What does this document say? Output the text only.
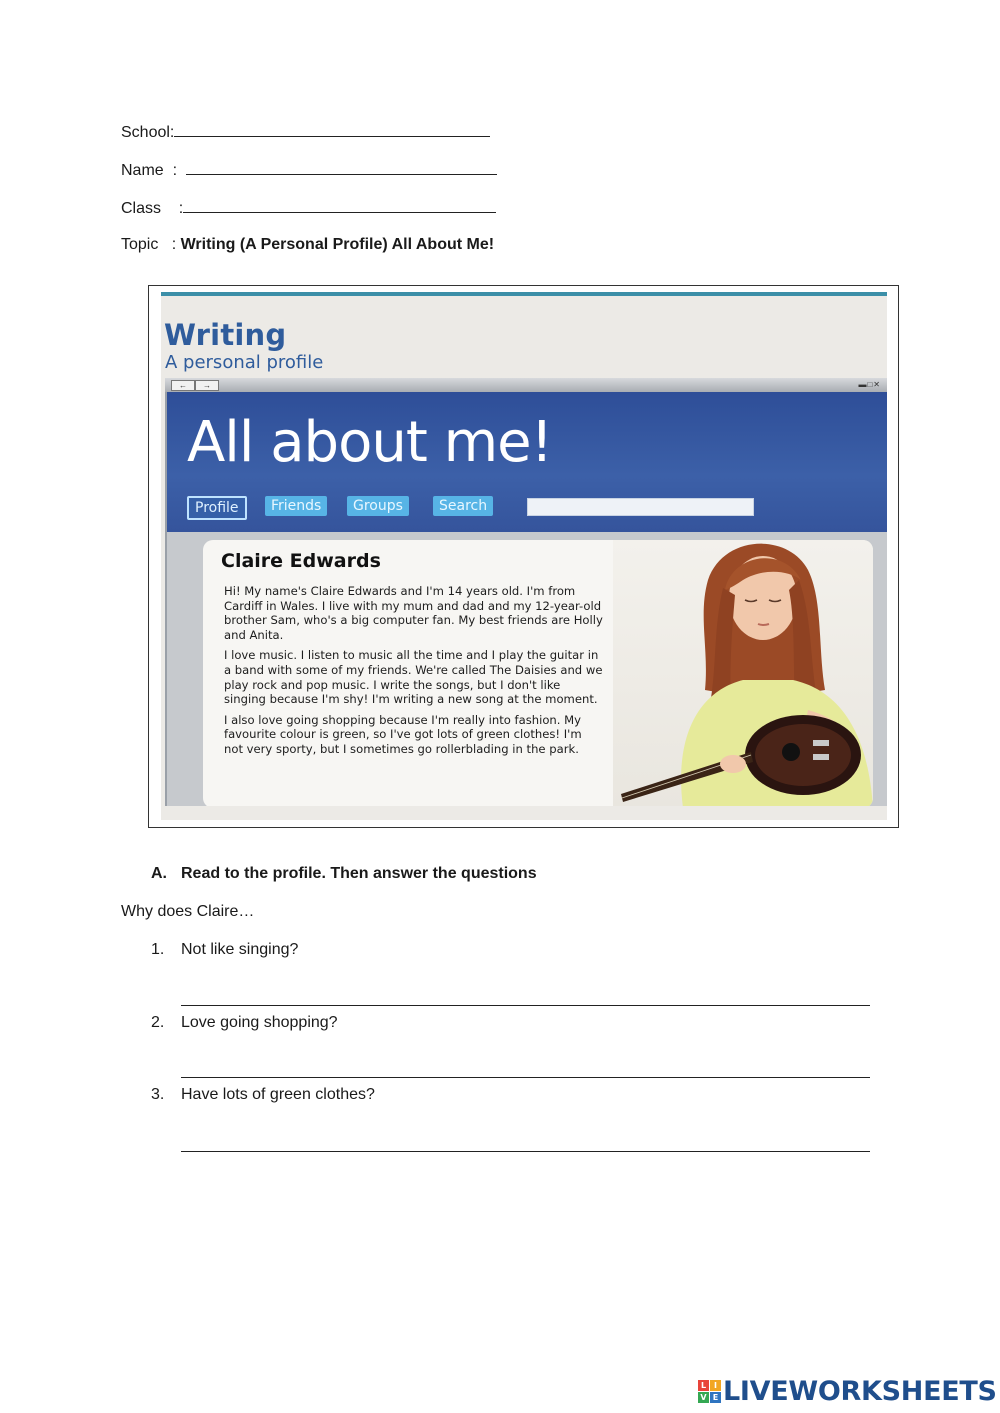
School:
Name  :
Class    :
Topic   : Writing (A Personal Profile) All About Me!
Writing
A personal profile
←	→	▬□✕
All about me!
Profile	Friends	Groups	Search
Claire Edwards

Hi! My name's Claire Edwards and I'm 14 years old. I'm from Cardiff in Wales. I live with my mum and dad and my 12-year-old brother Sam, who's a big computer fan. My best friends are Holly and Anita.

I love music. I listen to music all the time and I play the guitar in a band with some of my friends. We're called The Daisies and we play rock and pop music. I write the songs, but I don't like singing because I'm shy! I'm writing a new song at the moment.

I also love going shopping because I'm really into fashion. My favourite colour is green, so I've got lots of green clothes! I'm not very sporty, but I sometimes go rollerblading in the park.

A. Read to the profile. Then answer the questions
Why does Claire…
1. Not like singing?
2. Love going shopping?
3. Have lots of green clothes?
L I
V E LIVEWORKSHEETS
